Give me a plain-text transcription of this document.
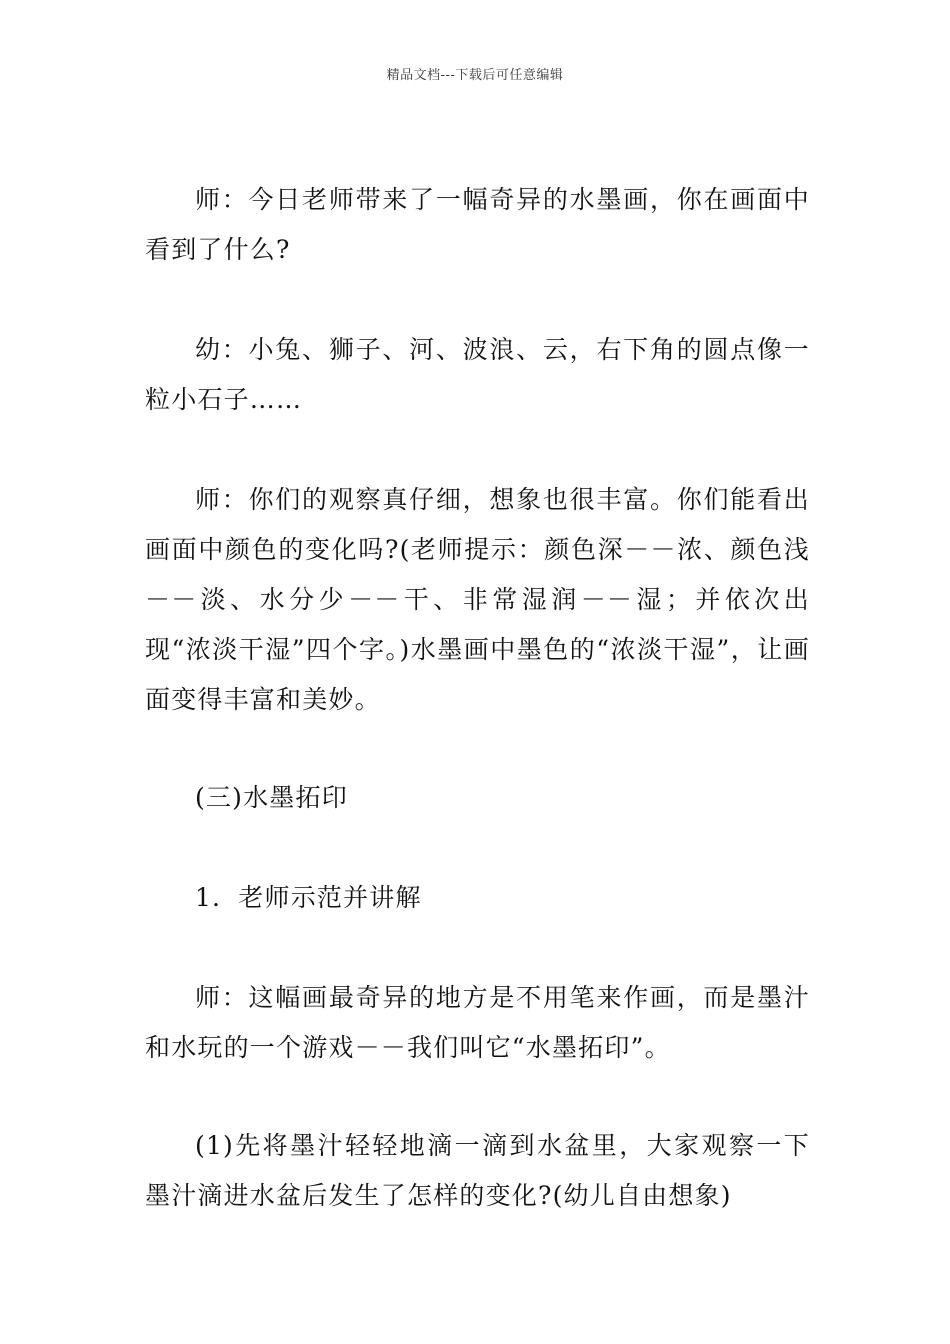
精品文档---下载后可任意编辑

师：今日老师带来了一幅奇异的水墨画，你在画面中看到了什么?

幼：小兔、狮子、河、波浪、云，右下角的圆点像一粒小石子……

师：你们的观察真仔细，想象也很丰富。你们能看出画面中颜色的变化吗?(老师提示：颜色深－－浓、颜色浅－－淡、水分少－－干、非常湿润－－湿；并依次出现“浓淡干湿”四个字。)水墨画中墨色的“浓淡干湿”，让画面变得丰富和美妙。

(三)水墨拓印

1．老师示范并讲解

师：这幅画最奇异的地方是不用笔来作画，而是墨汁和水玩的一个游戏－－我们叫它“水墨拓印”。

(1)先将墨汁轻轻地滴一滴到水盆里，大家观察一下墨汁滴进水盆后发生了怎样的变化?(幼儿自由想象)
